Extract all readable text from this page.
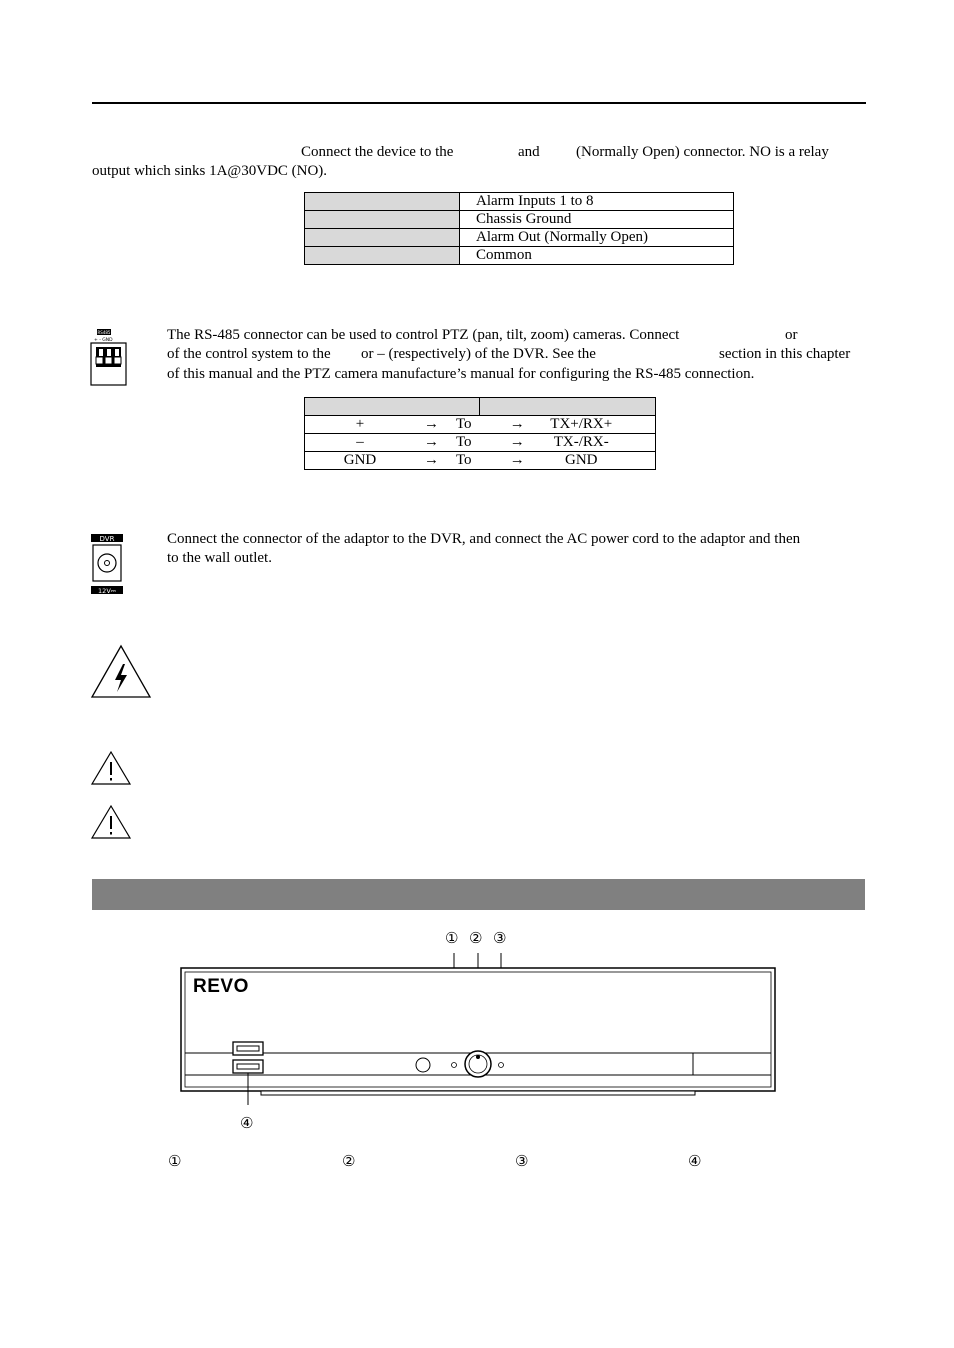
Connect the device to the	and (Normally Open) connector. NO is a relay
output which sinks 1A@30VDC (NO).
	Alarm Inputs 1 to 8
	Chassis Ground
	Alarm Out (Normally Open)
	Common
RS485
+ - GND	The RS-485 connector can be used to control PTZ (pan, tilt, zoom) cameras. Connect	or
of the control system to the or – (respectively) of the DVR. See the	section in this chapter
of this manual and the PTZ camera manufacture’s manual for configuring the RS-485 connection.

+	→	To	→ TX+/RX+
–	→	To	→ TX-/RX-
GND	→	To	→ GND
DVR
12V⎓
Connect the connector of the adaptor to the DVR, and connect the AC power cord to the adaptor and then
to the wall outlet.
① ② ③
REVO
④
①	②	③	④
